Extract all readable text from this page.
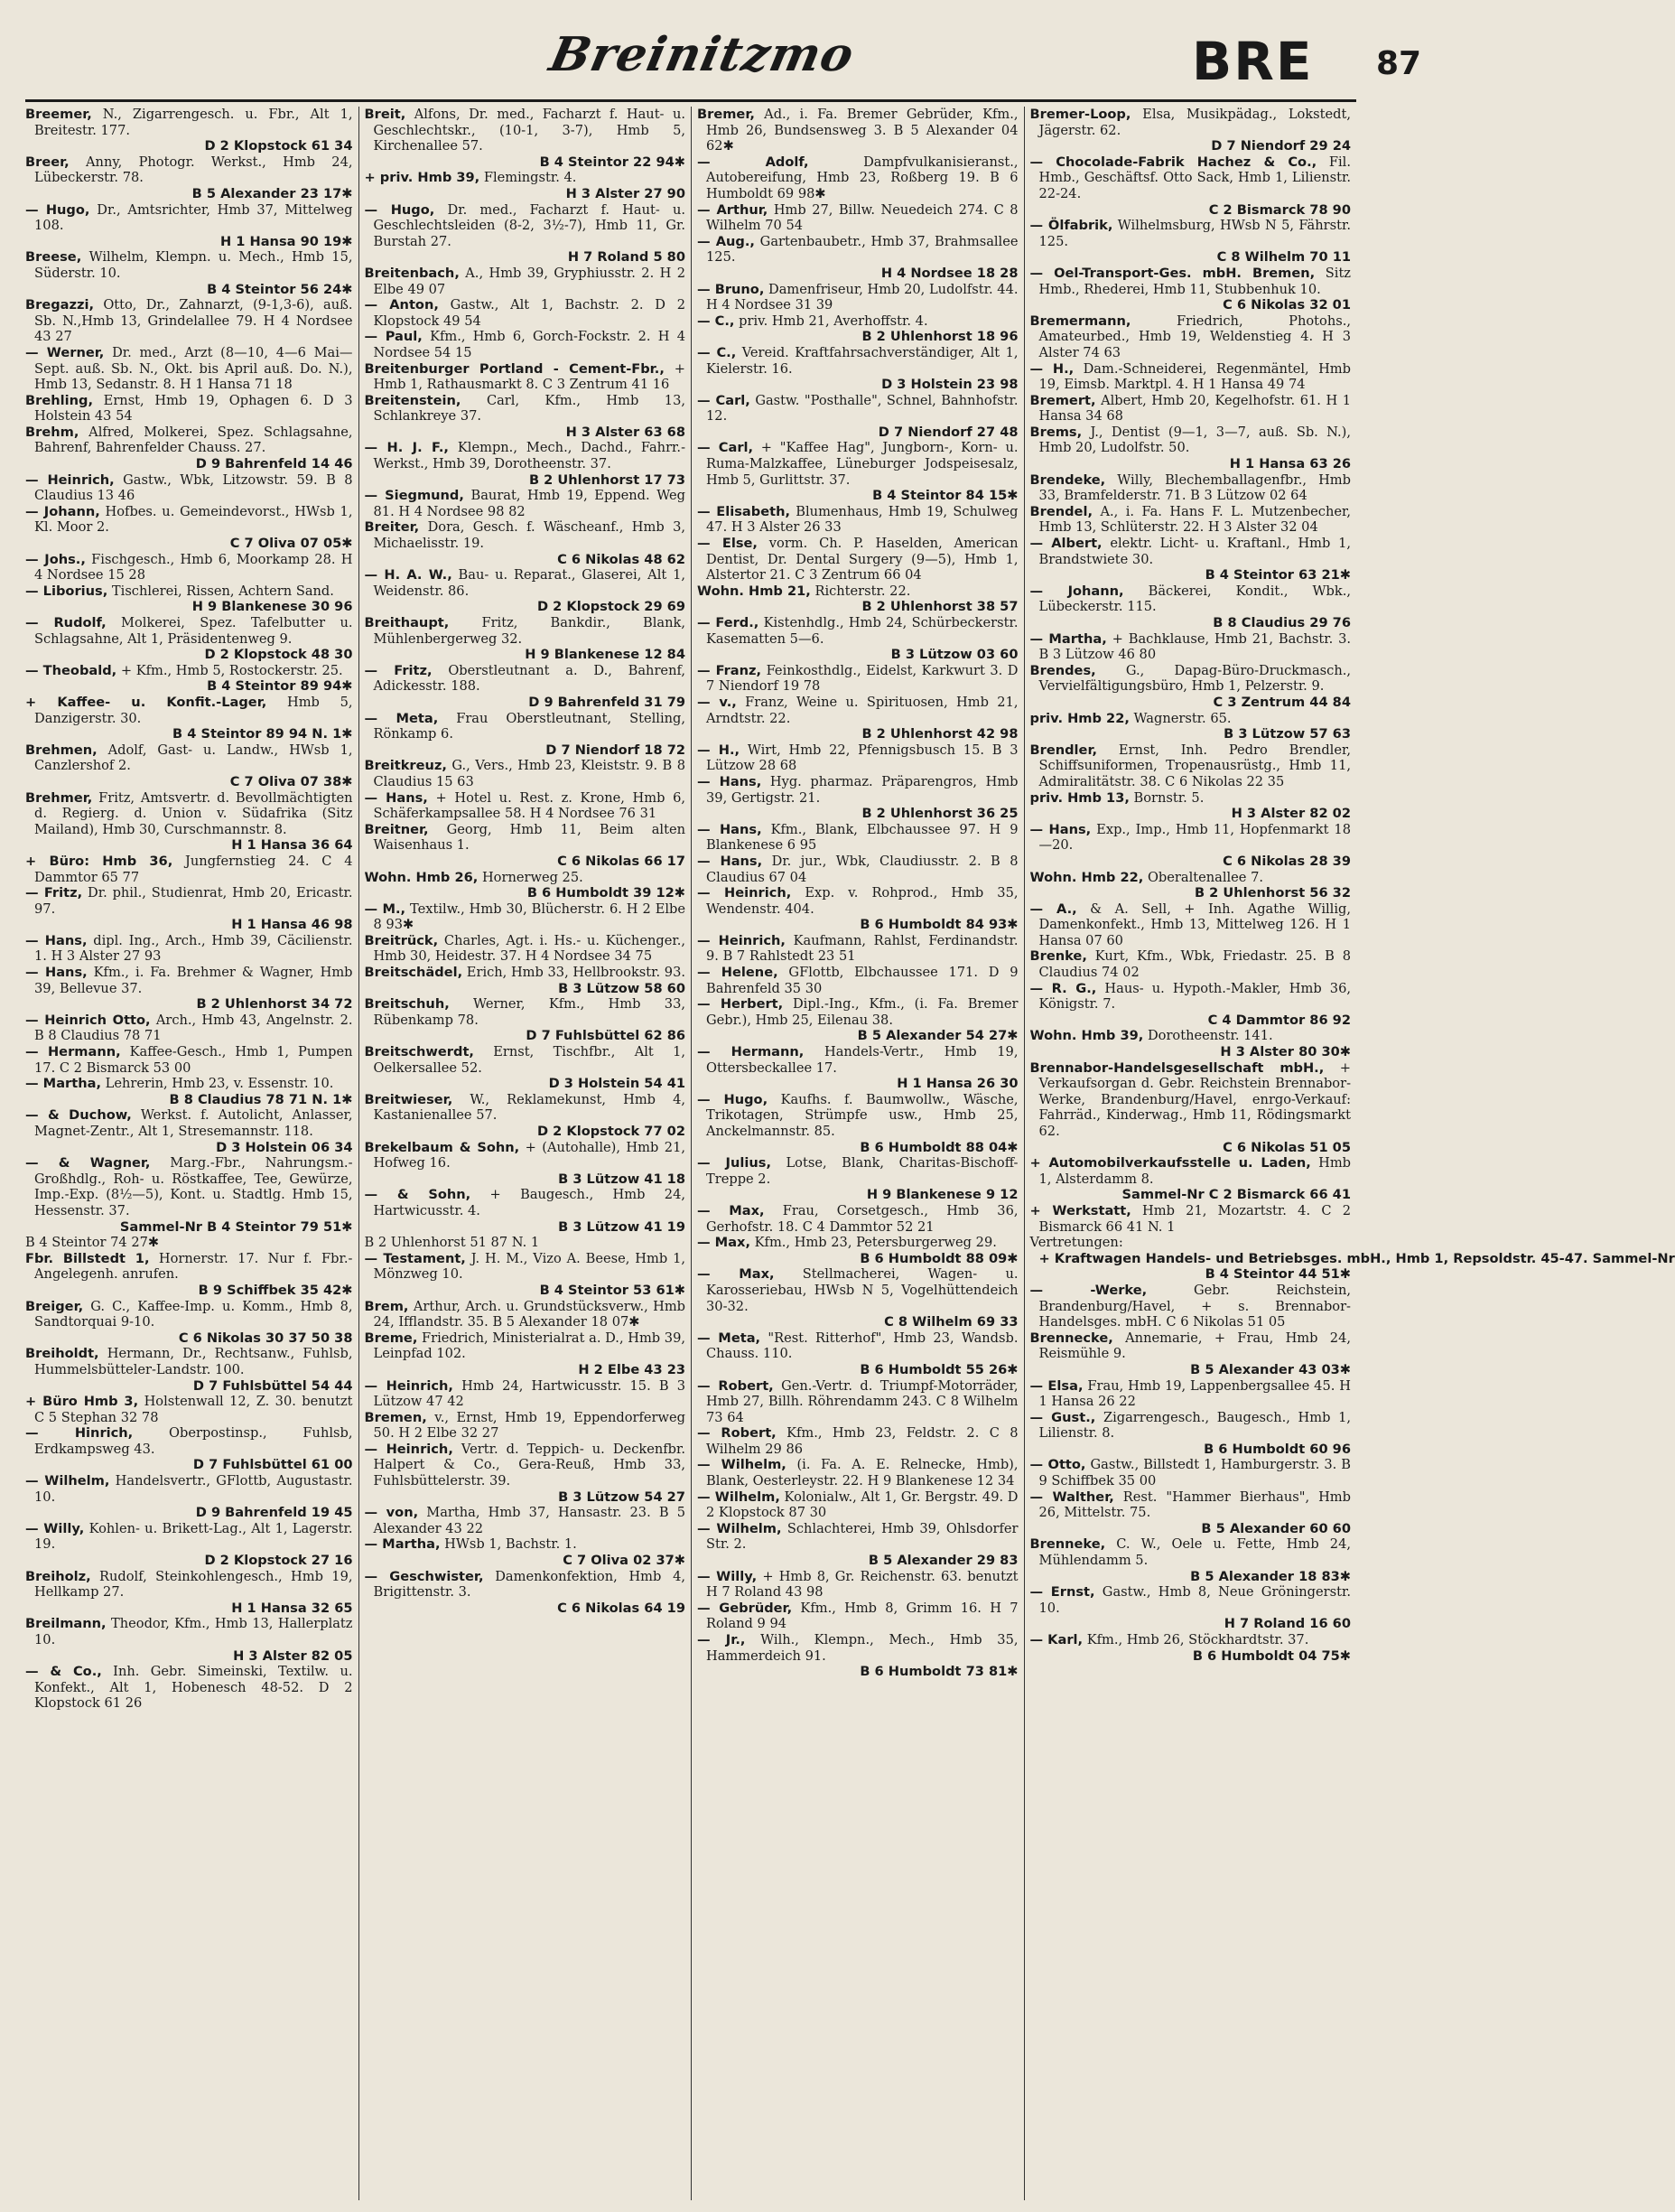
Breinitzmo	BRE 87

Breemer, N., Zigarrengesch. u. Fbr., Alt 1, Breitestr. 177.
D 2 Klopstock 61 34

Breer, Anny, Photogr. Werkst., Hmb 24, Lübeckerstr. 78.
B 5 Alexander 23 17✱

— Hugo, Dr., Amtsrichter, Hmb 37, Mittelweg 108.
H 1 Hansa 90 19✱

Breese, Wilhelm, Klempn. u. Mech., Hmb 15, Süderstr. 10.
B 4 Steintor 56 24✱

Bregazzi, Otto, Dr., Zahnarzt, (9-1,3-6), auß. Sb. N.,Hmb 13, Grindelallee 79. H 4 Nordsee 43 27

— Werner, Dr. med., Arzt (8—10, 4—6 Mai—Sept. auß. Sb. N., Okt. bis April auß. Do. N.), Hmb 13, Sedanstr. 8. H 1 Hansa 71 18

Brehling, Ernst, Hmb 19, Ophagen 6. D 3 Holstein 43 54

Brehm, Alfred, Molkerei, Spez. Schlagsahne, Bahrenf, Bahrenfelder Chauss. 27.
D 9 Bahrenfeld 14 46

— Heinrich, Gastw., Wbk, Litzowstr. 59. B 8 Claudius 13 46

— Johann, Hofbes. u. Gemeindevorst., HWsb 1, Kl. Moor 2.
C 7 Oliva 07 05✱

— Johs., Fischgesch., Hmb 6, Moorkamp 28. H 4 Nordsee 15 28

— Liborius, Tischlerei, Rissen, Achtern Sand.
H 9 Blankenese 30 96

— Rudolf, Molkerei, Spez. Tafelbutter u. Schlagsahne, Alt 1, Präsidentenweg 9.
D 2 Klopstock 48 30

— Theobald, + Kfm., Hmb 5, Rostockerstr. 25.
B 4 Steintor 89 94✱

+ Kaffee- u. Konfit.-Lager, Hmb 5, Danzigerstr. 30.
B 4 Steintor 89 94 N. 1✱

Brehmen, Adolf, Gast- u. Landw., HWsb 1, Canzlershof 2.
C 7 Oliva 07 38✱

Brehmer, Fritz, Amtsvertr. d. Bevollmächtigten d. Regierg. d. Union v. Südafrika (Sitz Mailand), Hmb 30, Curschmannstr. 8.
H 1 Hansa 36 64

+ Büro: Hmb 36, Jungfernstieg 24. C 4 Dammtor 65 77

— Fritz, Dr. phil., Studienrat, Hmb 20, Ericastr. 97.
H 1 Hansa 46 98

— Hans, dipl. Ing., Arch., Hmb 39, Cäcilienstr. 1. H 3 Alster 27 93

— Hans, Kfm., i. Fa. Brehmer & Wagner, Hmb 39, Bellevue 37.
B 2 Uhlenhorst 34 72

— Heinrich Otto, Arch., Hmb 43, Angelnstr. 2. B 8 Claudius 78 71

— Hermann, Kaffee-Gesch., Hmb 1, Pumpen 17. C 2 Bismarck 53 00

— Martha, Lehrerin, Hmb 23, v. Essenstr. 10.
B 8 Claudius 78 71 N. 1✱

— & Duchow, Werkst. f. Autolicht, Anlasser, Magnet-Zentr., Alt 1, Stresemannstr. 118.
D 3 Holstein 06 34

— & Wagner, Marg.-Fbr., Nahrungsm.-Großhdlg., Roh- u. Röstkaffee, Tee, Gewürze, Imp.-Exp. (8½—5), Kont. u. Stadtlg. Hmb 15, Hessenstr. 37.
Sammel-Nr B 4 Steintor 79 51✱

B 4 Steintor 74 27✱

Fbr. Billstedt 1, Hornerstr. 17. Nur f. Fbr.-Angelegenh. anrufen.
B 9 Schiffbek 35 42✱

Breiger, G. C., Kaffee-Imp. u. Komm., Hmb 8, Sandtorquai 9-10.
C 6 Nikolas 30 37 50 38

Breiholdt, Hermann, Dr., Rechtsanw., Fuhlsb, Hummelsbütteler-Landstr. 100.
D 7 Fuhlsbüttel 54 44

+ Büro Hmb 3, Holstenwall 12, Z. 30. benutzt C 5 Stephan 32 78

— Hinrich, Oberpostinsp., Fuhlsb, Erdkampsweg 43.
D 7 Fuhlsbüttel 61 00

— Wilhelm, Handelsvertr., GFlottb, Augustastr. 10.
D 9 Bahrenfeld 19 45

— Willy, Kohlen- u. Brikett-Lag., Alt 1, Lagerstr. 19.
D 2 Klopstock 27 16

Breiholz, Rudolf, Steinkohlengesch., Hmb 19, Hellkamp 27.
H 1 Hansa 32 65

Breilmann, Theodor, Kfm., Hmb 13, Hallerplatz 10.
H 3 Alster 82 05

— & Co., Inh. Gebr. Simeinski, Textilw. u. Konfekt., Alt 1, Hobenesch 48-52. D 2 Klopstock 61 26

Breit, Alfons, Dr. med., Facharzt f. Haut- u. Geschlechtskr., (10-1, 3-7), Hmb 5, Kirchenallee 57.
B 4 Steintor 22 94✱

+ priv. Hmb 39, Flemingstr. 4.
H 3 Alster 27 90

— Hugo, Dr. med., Facharzt f. Haut- u. Geschlechtsleiden (8-2, 3½-7), Hmb 11, Gr. Burstah 27.
H 7 Roland 5 80

Breitenbach, A., Hmb 39, Gryphiusstr. 2. H 2 Elbe 49 07

— Anton, Gastw., Alt 1, Bachstr. 2. D 2 Klopstock 49 54

— Paul, Kfm., Hmb 6, Gorch-Fockstr. 2. H 4 Nordsee 54 15

Breitenburger Portland - Cement-Fbr., + Hmb 1, Rathausmarkt 8. C 3 Zentrum 41 16

Breitenstein, Carl, Kfm., Hmb 13, Schlankreye 37.
H 3 Alster 63 68

— H. J. F., Klempn., Mech., Dachd., Fahrr.-Werkst., Hmb 39, Dorotheenstr. 37.
B 2 Uhlenhorst 17 73

— Siegmund, Baurat, Hmb 19, Eppend. Weg 81. H 4 Nordsee 98 82

Breiter, Dora, Gesch. f. Wäscheanf., Hmb 3, Michaelisstr. 19.
C 6 Nikolas 48 62

— H. A. W., Bau- u. Reparat., Glaserei, Alt 1, Weidenstr. 86.
D 2 Klopstock 29 69

Breithaupt, Fritz, Bankdir., Blank, Mühlenbergerweg 32.
H 9 Blankenese 12 84

— Fritz, Oberstleutnant a. D., Bahrenf, Adickesstr. 188.
D 9 Bahrenfeld 31 79

— Meta, Frau Oberstleutnant, Stelling, Rönkamp 6.
D 7 Niendorf 18 72

Breitkreuz, G., Vers., Hmb 23, Kleiststr. 9. B 8 Claudius 15 63

— Hans, + Hotel u. Rest. z. Krone, Hmb 6, Schäferkampsallee 58. H 4 Nordsee 76 31

Breitner, Georg, Hmb 11, Beim alten Waisenhaus 1.
C 6 Nikolas 66 17

Wohn. Hmb 26, Hornerweg 25.
B 6 Humboldt 39 12✱

— M., Textilw., Hmb 30, Blücherstr. 6. H 2 Elbe 8 93✱

Breitrück, Charles, Agt. i. Hs.- u. Küchenger., Hmb 30, Heidestr. 37. H 4 Nordsee 34 75

Breitschädel, Erich, Hmb 33, Hellbrookstr. 93.
B 3 Lützow 58 60

Breitschuh, Werner, Kfm., Hmb 33, Rübenkamp 78.
D 7 Fuhlsbüttel 62 86

Breitschwerdt, Ernst, Tischfbr., Alt 1, Oelkersallee 52.
D 3 Holstein 54 41

Breitwieser, W., Reklamekunst, Hmb 4, Kastanienallee 57.
D 2 Klopstock 77 02

Brekelbaum & Sohn, + (Autohalle), Hmb 21, Hofweg 16.
B 3 Lützow 41 18

— & Sohn, + Baugesch., Hmb 24, Hartwicusstr. 4.
B 3 Lützow 41 19

B 2 Uhlenhorst 51 87 N. 1

— Testament, J. H. M., Vizo A. Beese, Hmb 1, Mönzweg 10.
B 4 Steintor 53 61✱

Brem, Arthur, Arch. u. Grundstücksverw., Hmb 24, Ifflandstr. 35. B 5 Alexander 18 07✱

Breme, Friedrich, Ministerialrat a. D., Hmb 39, Leinpfad 102.
H 2 Elbe 43 23

— Heinrich, Hmb 24, Hartwicusstr. 15. B 3 Lützow 47 42

Bremen, v., Ernst, Hmb 19, Eppendorferweg 50. H 2 Elbe 32 27

— Heinrich, Vertr. d. Teppich- u. Deckenfbr. Halpert & Co., Gera-Reuß, Hmb 33, Fuhlsbüttelerstr. 39.
B 3 Lützow 54 27

— von, Martha, Hmb 37, Hansastr. 23. B 5 Alexander 43 22

— Martha, HWsb 1, Bachstr. 1.
C 7 Oliva 02 37✱

— Geschwister, Damenkonfektion, Hmb 4, Brigittenstr. 3.
C 6 Nikolas 64 19

Bremer, Ad., i. Fa. Bremer Gebrüder, Kfm., Hmb 26, Bundsensweg 3. B 5 Alexander 04 62✱

— Adolf, Dampfvulkanisieranst., Autobereifung, Hmb 23, Roßberg 19. B 6 Humboldt 69 98✱

— Arthur, Hmb 27, Billw. Neuedeich 274. C 8 Wilhelm 70 54

— Aug., Gartenbaubetr., Hmb 37, Brahmsallee 125.
H 4 Nordsee 18 28

— Bruno, Damenfriseur, Hmb 20, Ludolfstr. 44. H 4 Nordsee 31 39

— C., priv. Hmb 21, Averhoffstr. 4.
B 2 Uhlenhorst 18 96

— C., Vereid. Kraftfahrsachverständiger, Alt 1, Kielerstr. 16.
D 3 Holstein 23 98

— Carl, Gastw. "Posthalle", Schnel, Bahnhofstr. 12.
D 7 Niendorf 27 48

— Carl, + "Kaffee Hag", Jungborn-, Korn- u. Ruma-Malzkaffee, Lüneburger Jodspeisesalz, Hmb 5, Gurlittstr. 37.
B 4 Steintor 84 15✱

— Elisabeth, Blumenhaus, Hmb 19, Schulweg 47. H 3 Alster 26 33

— Else, vorm. Ch. P. Haselden, American Dentist, Dr. Dental Surgery (9—5), Hmb 1, Alstertor 21. C 3 Zentrum 66 04

Wohn. Hmb 21, Richterstr. 22.
B 2 Uhlenhorst 38 57

— Ferd., Kistenhdlg., Hmb 24, Schürbeckerstr. Kasematten 5—6.
B 3 Lützow 03 60

— Franz, Feinkosthdlg., Eidelst, Karkwurt 3. D 7 Niendorf 19 78

— v., Franz, Weine u. Spirituosen, Hmb 21, Arndtstr. 22.
B 2 Uhlenhorst 42 98

— H., Wirt, Hmb 22, Pfennigsbusch 15. B 3 Lützow 28 68

— Hans, Hyg. pharmaz. Präparengros, Hmb 39, Gertigstr. 21.
B 2 Uhlenhorst 36 25

— Hans, Kfm., Blank, Elbchaussee 97. H 9 Blankenese 6 95

— Hans, Dr. jur., Wbk, Claudiusstr. 2. B 8 Claudius 67 04

— Heinrich, Exp. v. Rohprod., Hmb 35, Wendenstr. 404.
B 6 Humboldt 84 93✱

— Heinrich, Kaufmann, Rahlst, Ferdinandstr. 9. B 7 Rahlstedt 23 51

— Helene, GFlottb, Elbchaussee 171. D 9 Bahrenfeld 35 30

— Herbert, Dipl.-Ing., Kfm., (i. Fa. Bremer Gebr.), Hmb 25, Eilenau 38.
B 5 Alexander 54 27✱

— Hermann, Handels-Vertr., Hmb 19, Ottersbeckallee 17.
H 1 Hansa 26 30

— Hugo, Kaufhs. f. Baumwollw., Wäsche, Trikotagen, Strümpfe usw., Hmb 25, Anckelmannstr. 85.
B 6 Humboldt 88 04✱

— Julius, Lotse, Blank, Charitas-Bischoff-Treppe 2.
H 9 Blankenese 9 12

— Max, Frau, Corsetgesch., Hmb 36, Gerhofstr. 18. C 4 Dammtor 52 21

— Max, Kfm., Hmb 23, Petersburgerweg 29.
B 6 Humboldt 88 09✱

— Max, Stellmacherei, Wagen- u. Karosseriebau, HWsb N 5, Vogelhüttendeich 30-32.
C 8 Wilhelm 69 33

— Meta, "Rest. Ritterhof", Hmb 23, Wandsb. Chauss. 110.
B 6 Humboldt 55 26✱

— Robert, Gen.-Vertr. d. Triumpf-Motorräder, Hmb 27, Billh. Röhrendamm 243. C 8 Wilhelm 73 64

— Robert, Kfm., Hmb 23, Feldstr. 2. C 8 Wilhelm 29 86

— Wilhelm, (i. Fa. A. E. Relnecke, Hmb), Blank, Oesterleystr. 22. H 9 Blankenese 12 34

— Wilhelm, Kolonialw., Alt 1, Gr. Bergstr. 49. D 2 Klopstock 87 30

— Wilhelm, Schlachterei, Hmb 39, Ohlsdorfer Str. 2.
B 5 Alexander 29 83

— Willy, + Hmb 8, Gr. Reichenstr. 63. benutzt H 7 Roland 43 98

— Gebrüder, Kfm., Hmb 8, Grimm 16. H 7 Roland 9 94

— Jr., Wilh., Klempn., Mech., Hmb 35, Hammerdeich 91.
B 6 Humboldt 73 81✱

Bremer-Loop, Elsa, Musikpädag., Lokstedt, Jägerstr. 62.
D 7 Niendorf 29 24

— Chocolade-Fabrik Hachez & Co., Fil. Hmb., Geschäftsf. Otto Sack, Hmb 1, Lilienstr. 22-24.
C 2 Bismarck 78 90

— Ölfabrik, Wilhelmsburg, HWsb N 5, Fährstr. 125.
C 8 Wilhelm 70 11

— Oel-Transport-Ges. mbH. Bremen, Sitz Hmb., Rhederei, Hmb 11, Stubbenhuk 10.
C 6 Nikolas 32 01

Bremermann, Friedrich, Photohs., Amateurbed., Hmb 19, Weldenstieg 4. H 3 Alster 74 63

— H., Dam.-Schneiderei, Regenmäntel, Hmb 19, Eimsb. Marktpl. 4. H 1 Hansa 49 74

Bremert, Albert, Hmb 20, Kegelhofstr. 61. H 1 Hansa 34 68

Brems, J., Dentist (9—1, 3—7, auß. Sb. N.), Hmb 20, Ludolfstr. 50.
H 1 Hansa 63 26

Brendeke, Willy, Blechemballagenfbr., Hmb 33, Bramfelderstr. 71. B 3 Lützow 02 64

Brendel, A., i. Fa. Hans F. L. Mutzenbecher, Hmb 13, Schlüterstr. 22. H 3 Alster 32 04

— Albert, elektr. Licht- u. Kraftanl., Hmb 1, Brandstwiete 30.
B 4 Steintor 63 21✱

— Johann, Bäckerei, Kondit., Wbk., Lübeckerstr. 115.
B 8 Claudius 29 76

— Martha, + Bachklause, Hmb 21, Bachstr. 3. B 3 Lützow 46 80

Brendes, G., Dapag-Büro-Druckmasch., Vervielfältigungsbüro, Hmb 1, Pelzerstr. 9.
C 3 Zentrum 44 84

priv. Hmb 22, Wagnerstr. 65.
B 3 Lützow 57 63

Brendler, Ernst, Inh. Pedro Brendler, Schiffsuniformen, Tropenausrüstg., Hmb 11, Admiralitätstr. 38. C 6 Nikolas 22 35

priv. Hmb 13, Bornstr. 5.
H 3 Alster 82 02

— Hans, Exp., Imp., Hmb 11, Hopfenmarkt 18—20.
C 6 Nikolas 28 39

Wohn. Hmb 22, Oberaltenallee 7.
B 2 Uhlenhorst 56 32

— A., & A. Sell, + Inh. Agathe Willig, Damenkonfekt., Hmb 13, Mittelweg 126. H 1 Hansa 07 60

Brenke, Kurt, Kfm., Wbk, Friedastr. 25. B 8 Claudius 74 02

— R. G., Haus- u. Hypoth.-Makler, Hmb 36, Königstr. 7.
C 4 Dammtor 86 92

Wohn. Hmb 39, Dorotheenstr. 141.
H 3 Alster 80 30✱

Brennabor-Handelsgesellschaft mbH., + Verkaufsorgan d. Gebr. Reichstein Brennabor-Werke, Brandenburg/Havel, enrgo-Verkauf: Fahrräd., Kinderwag., Hmb 11, Rödingsmarkt 62.
C 6 Nikolas 51 05

+ Automobilverkaufsstelle u. Laden, Hmb 1, Alsterdamm 8.
Sammel-Nr C 2 Bismarck 66 41

+ Werkstatt, Hmb 21, Mozartstr. 4. C 2 Bismarck 66 41 N. 1

Vertretungen:
+ Kraftwagen Handels- und Betriebsges. mbH., Hmb 1, Repsoldstr. 45-47. Sammel-Nr
B 4 Steintor 44 51✱

— -Werke, Gebr. Reichstein, Brandenburg/Havel, + s. Brennabor-Handelsges. mbH. C 6 Nikolas 51 05

Brennecke, Annemarie, + Frau, Hmb 24, Reismühle 9.
B 5 Alexander 43 03✱

— Elsa, Frau, Hmb 19, Lappenbergsallee 45. H 1 Hansa 26 22

— Gust., Zigarrengesch., Baugesch., Hmb 1, Lilienstr. 8.
B 6 Humboldt 60 96

— Otto, Gastw., Billstedt 1, Hamburgerstr. 3. B 9 Schiffbek 35 00

— Walther, Rest. "Hammer Bierhaus", Hmb 26, Mittelstr. 75.
B 5 Alexander 60 60

Brenneke, C. W., Oele u. Fette, Hmb 24, Mühlendamm 5.
B 5 Alexander 18 83✱

— Ernst, Gastw., Hmb 8, Neue Gröningerstr. 10.
H 7 Roland 16 60

— Karl, Kfm., Hmb 26, Stöckhardtstr. 37.
B 6 Humboldt 04 75✱
